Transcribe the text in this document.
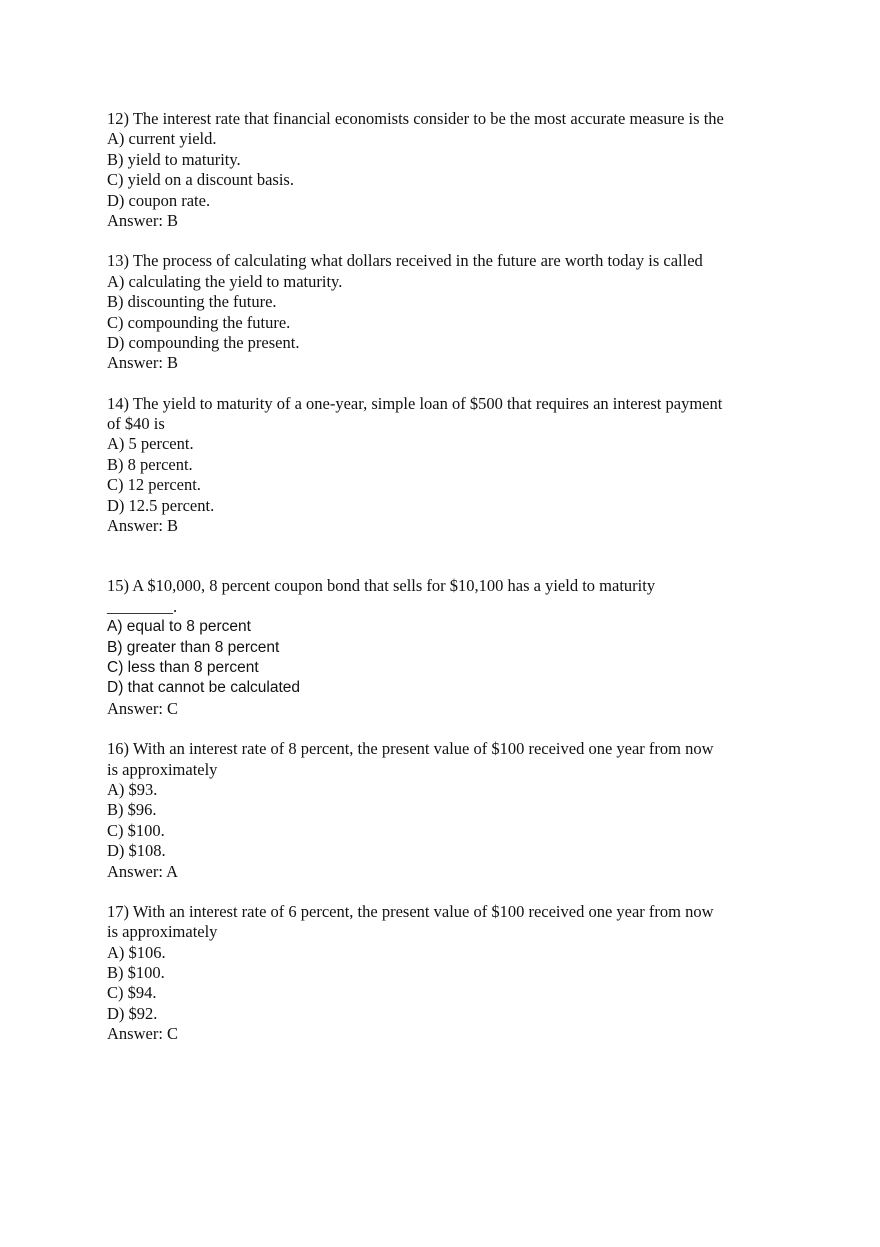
12) The interest rate that financial economists consider to be the most accurate measure is the
A) current yield.
B) yield to maturity.
C) yield on a discount basis.
D) coupon rate.
Answer: B
13) The process of calculating what dollars received in the future are worth today is called
A) calculating the yield to maturity.
B) discounting the future.
C) compounding the future.
D) compounding the present.
Answer: B
14) The yield to maturity of a one-year, simple loan of $500 that requires an interest payment
of $40 is
A) 5 percent.
B) 8 percent.
C) 12 percent.
D) 12.5 percent.
Answer: B
15) A $10,000, 8 percent coupon bond that sells for $10,100 has a yield to maturity
________.
A) equal to 8 percent
B) greater than 8 percent
C) less than 8 percent
D) that cannot be calculated
Answer: C
16) With an interest rate of 8 percent, the present value of $100 received one year from now
is approximately
A) $93.
B) $96.
C) $100.
D) $108.
Answer: A
17) With an interest rate of 6 percent, the present value of $100 received one year from now
is approximately
A) $106.
B) $100.
C) $94.
D) $92.
Answer: C
